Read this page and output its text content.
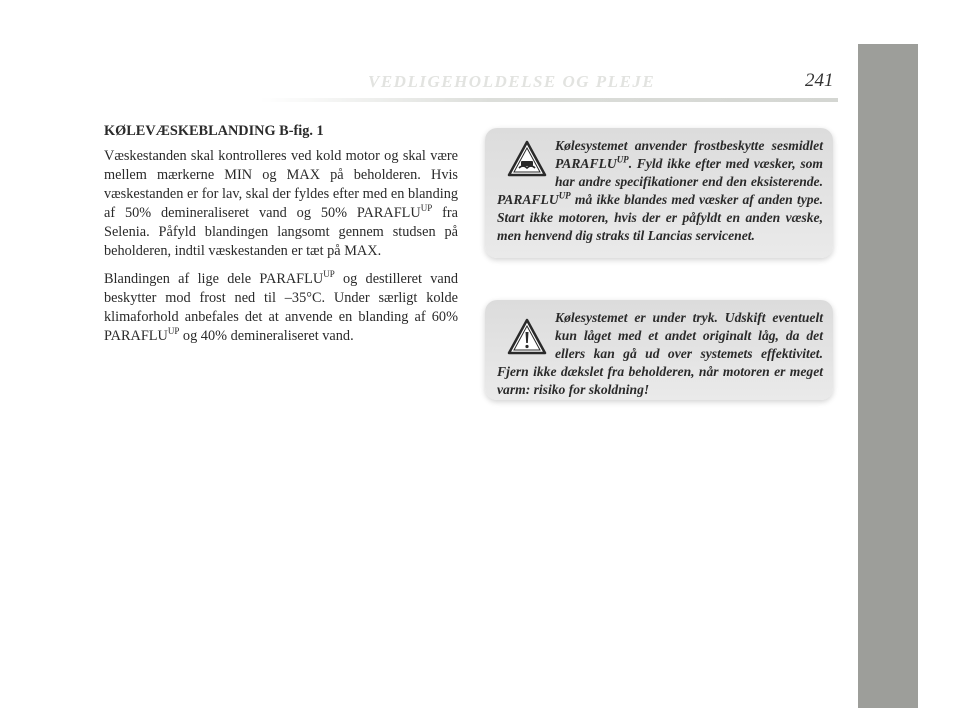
VEDLIGEHOLDELSE OG PLEJE	241
KØLEVÆSKEBLANDING B-fig. 1

Væskestanden skal kontrolleres ved kold motor og skal være mellem mærkerne MIN og MAX på beholderen. Hvis væskestanden er for lav, skal der fyldes efter med en blanding af 50% demineraliseret vand og 50% $PARAFLU^{UP}$ fra Selenia. Påfyld blandingen langsomt gennem studsen på beholderen, indtil væskestanden er tæt på MAX.

Blandingen af lige dele $PARAFLU^{UP}$ og destilleret vand beskytter mod frost ned til –35°C. Under særligt kolde klimaforhold anbefales det at anvende en blanding af 60% $PARAFLU^{UP}$ og 40% demineraliseret vand.

Kølesystemet anvender frostbeskytte sesmidlet $PARAFLU^{UP}$. Fyld ikke efter med væsker, som har andre specifikationer end den eksisterende. $PARAFLU^{UP}$ må ikke blandes med væsker af anden type. Start ikke motoren, hvis der er påfyldt en anden væske, men henvend dig straks til Lancias servicenet.
Kølesystemet er under tryk. Udskift eventuelt kun låget med et andet originalt låg, da det ellers kan gå ud over systemets effektivitet. Fjern ikke dækslet fra beholderen, når motoren er meget varm: risiko for skoldning!
